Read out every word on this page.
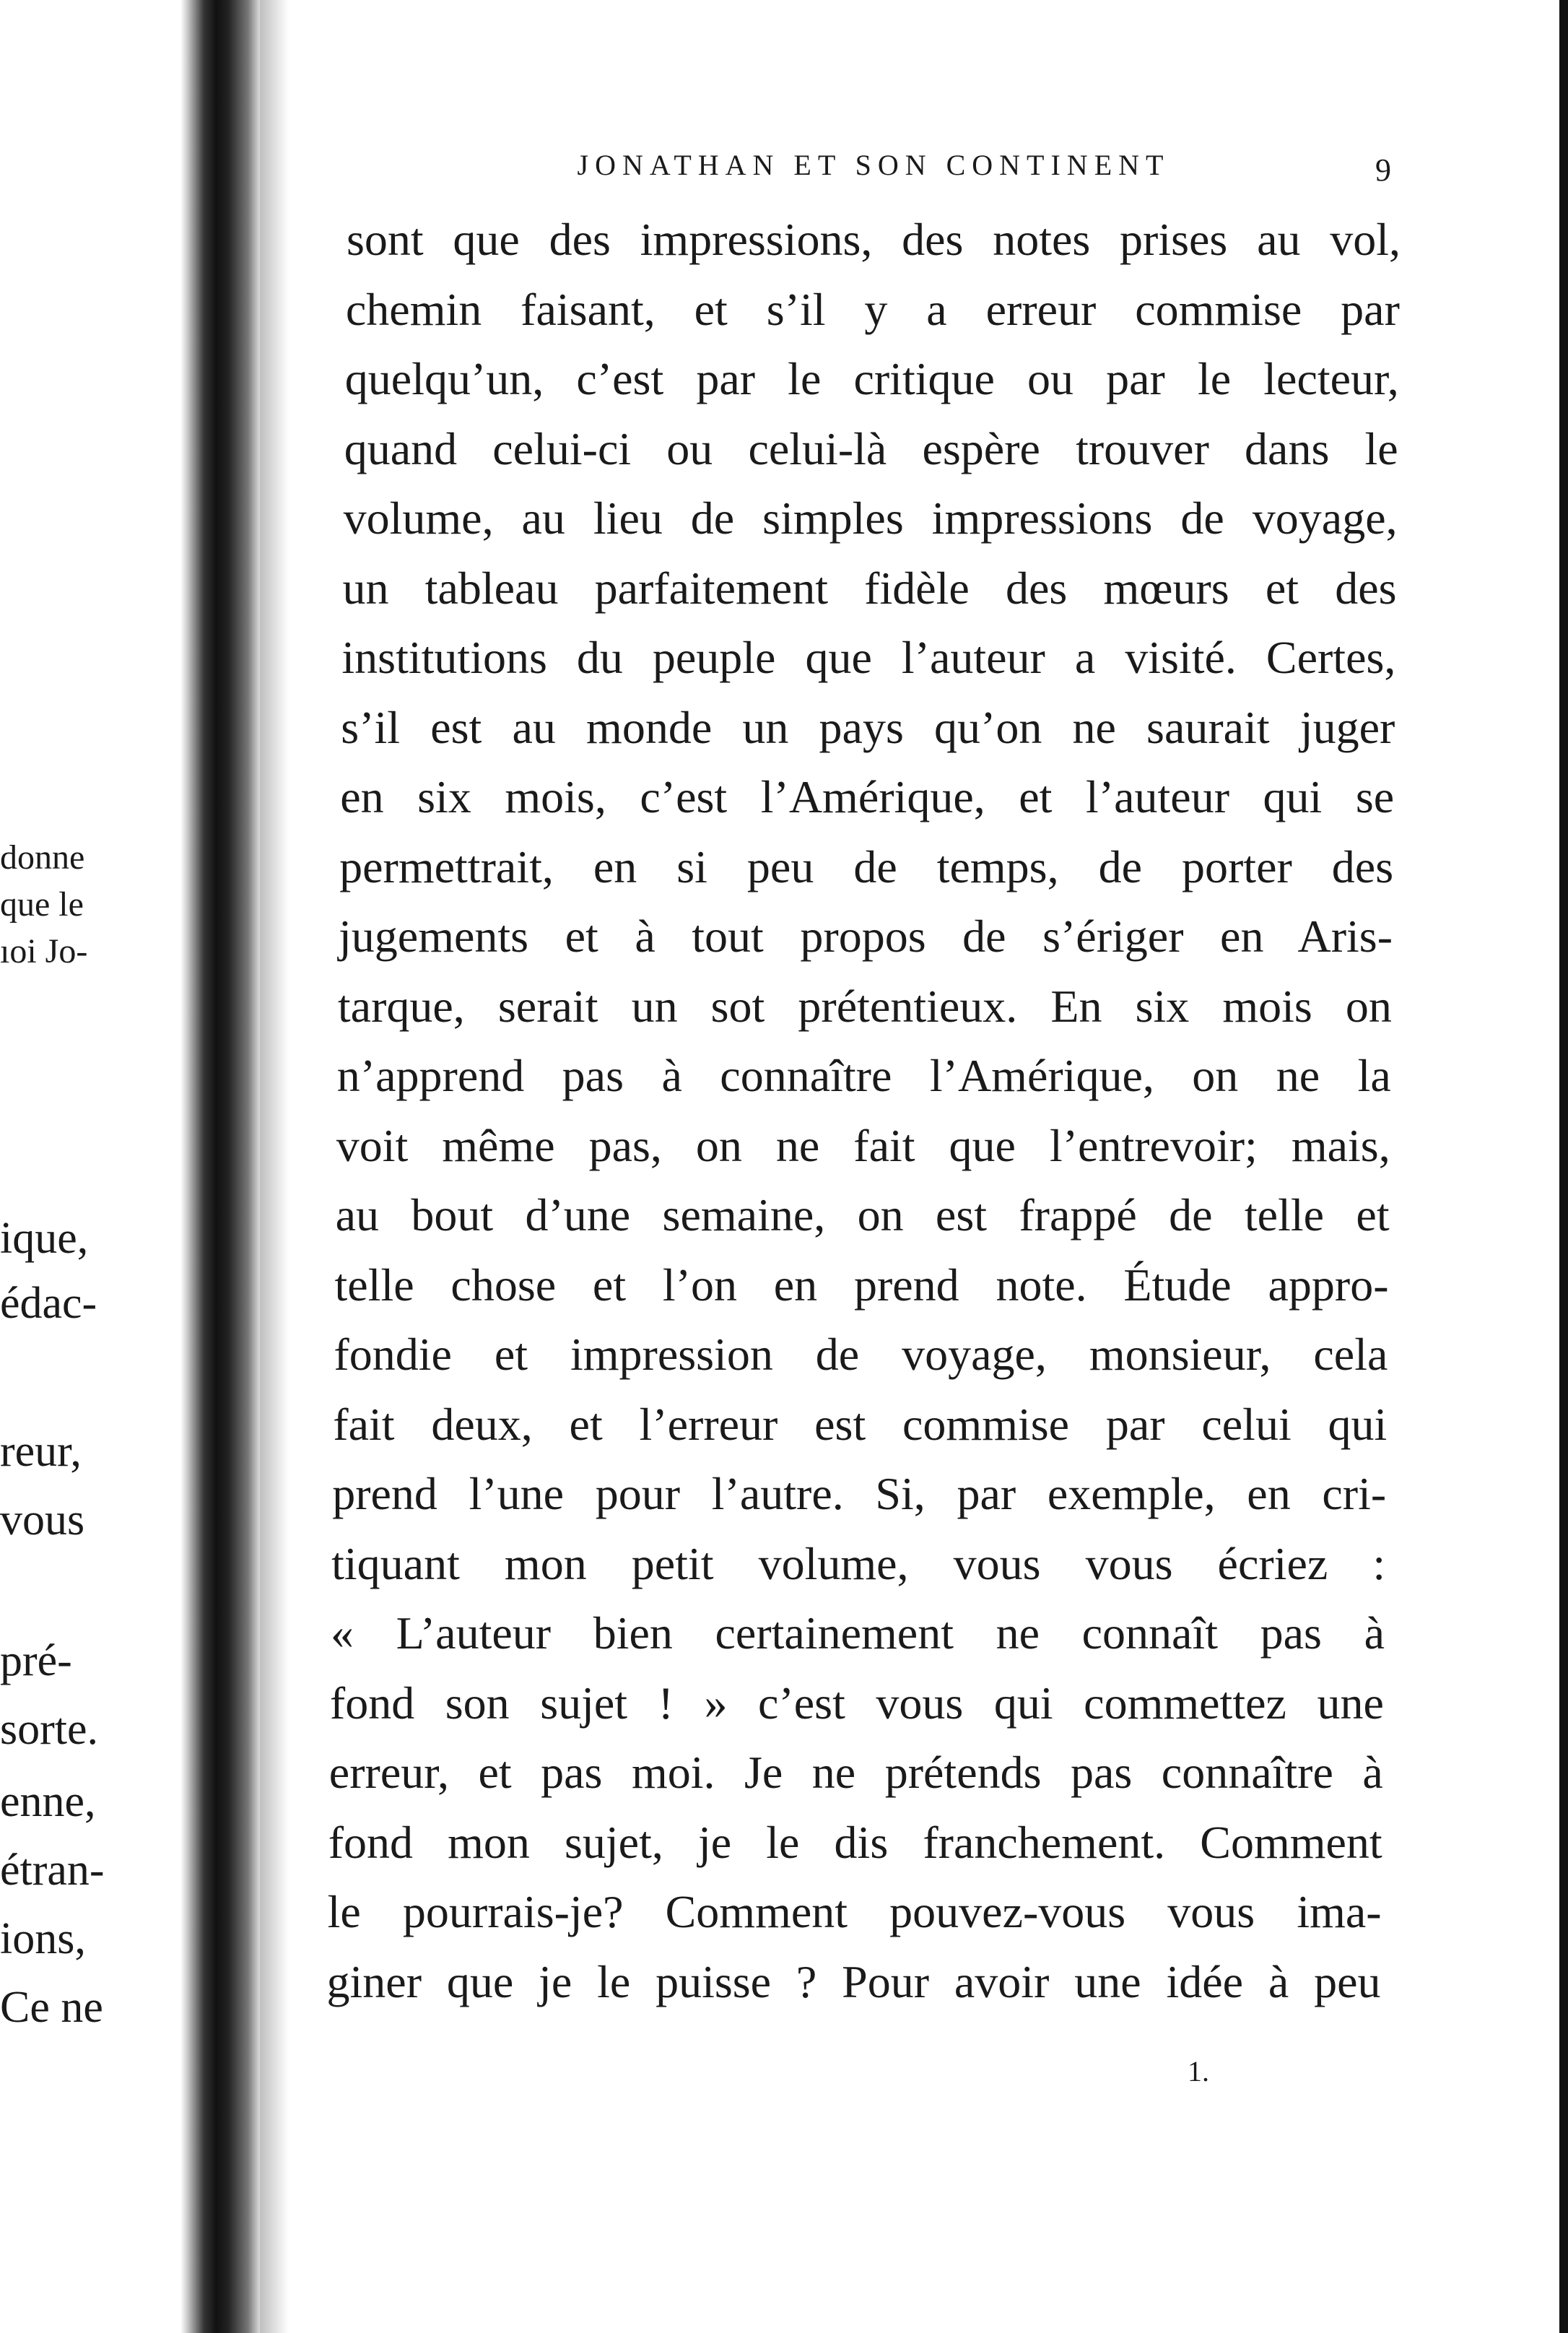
donne
que le
ıoi Jo-
ique,
édac-
reur,
vous
pré-
sorte.
enne,
étran-
ions,
Ce ne
JONATHAN ET SON CONTINENT	9
sont que des impressions, des notes prises au vol,
chemin faisant, et s’il y a erreur commise par
quelqu’un, c’est par le critique ou par le lecteur,
quand celui-ci ou celui-là espère trouver dans le
volume, au lieu de simples impressions de voyage,
un tableau parfaitement fidèle des mœurs et des
institutions du peuple que l’auteur a visité. Certes,
s’il est au monde un pays qu’on ne saurait juger
en six mois, c’est l’Amérique, et l’auteur qui se
permettrait, en si peu de temps, de porter des
jugements et à tout propos de s’ériger en Aris-
tarque, serait un sot prétentieux. En six mois on
n’apprend pas à connaître l’Amérique, on ne la
voit même pas, on ne fait que l’entrevoir; mais,
au bout d’une semaine, on est frappé de telle et
telle chose et l’on en prend note. Étude appro-
fondie et impression de voyage, monsieur, cela
fait deux, et l’erreur est commise par celui qui
prend l’une pour l’autre. Si, par exemple, en cri-
tiquant mon petit volume, vous vous écriez :
« L’auteur bien certainement ne connaît pas à
fond son sujet ! » c’est vous qui commettez une
erreur, et pas moi. Je ne prétends pas connaître à
fond mon sujet, je le dis franchement. Comment
le pourrais-je? Comment pouvez-vous vous ima-
giner que je le puisse ? Pour avoir une idée à peu
1.
